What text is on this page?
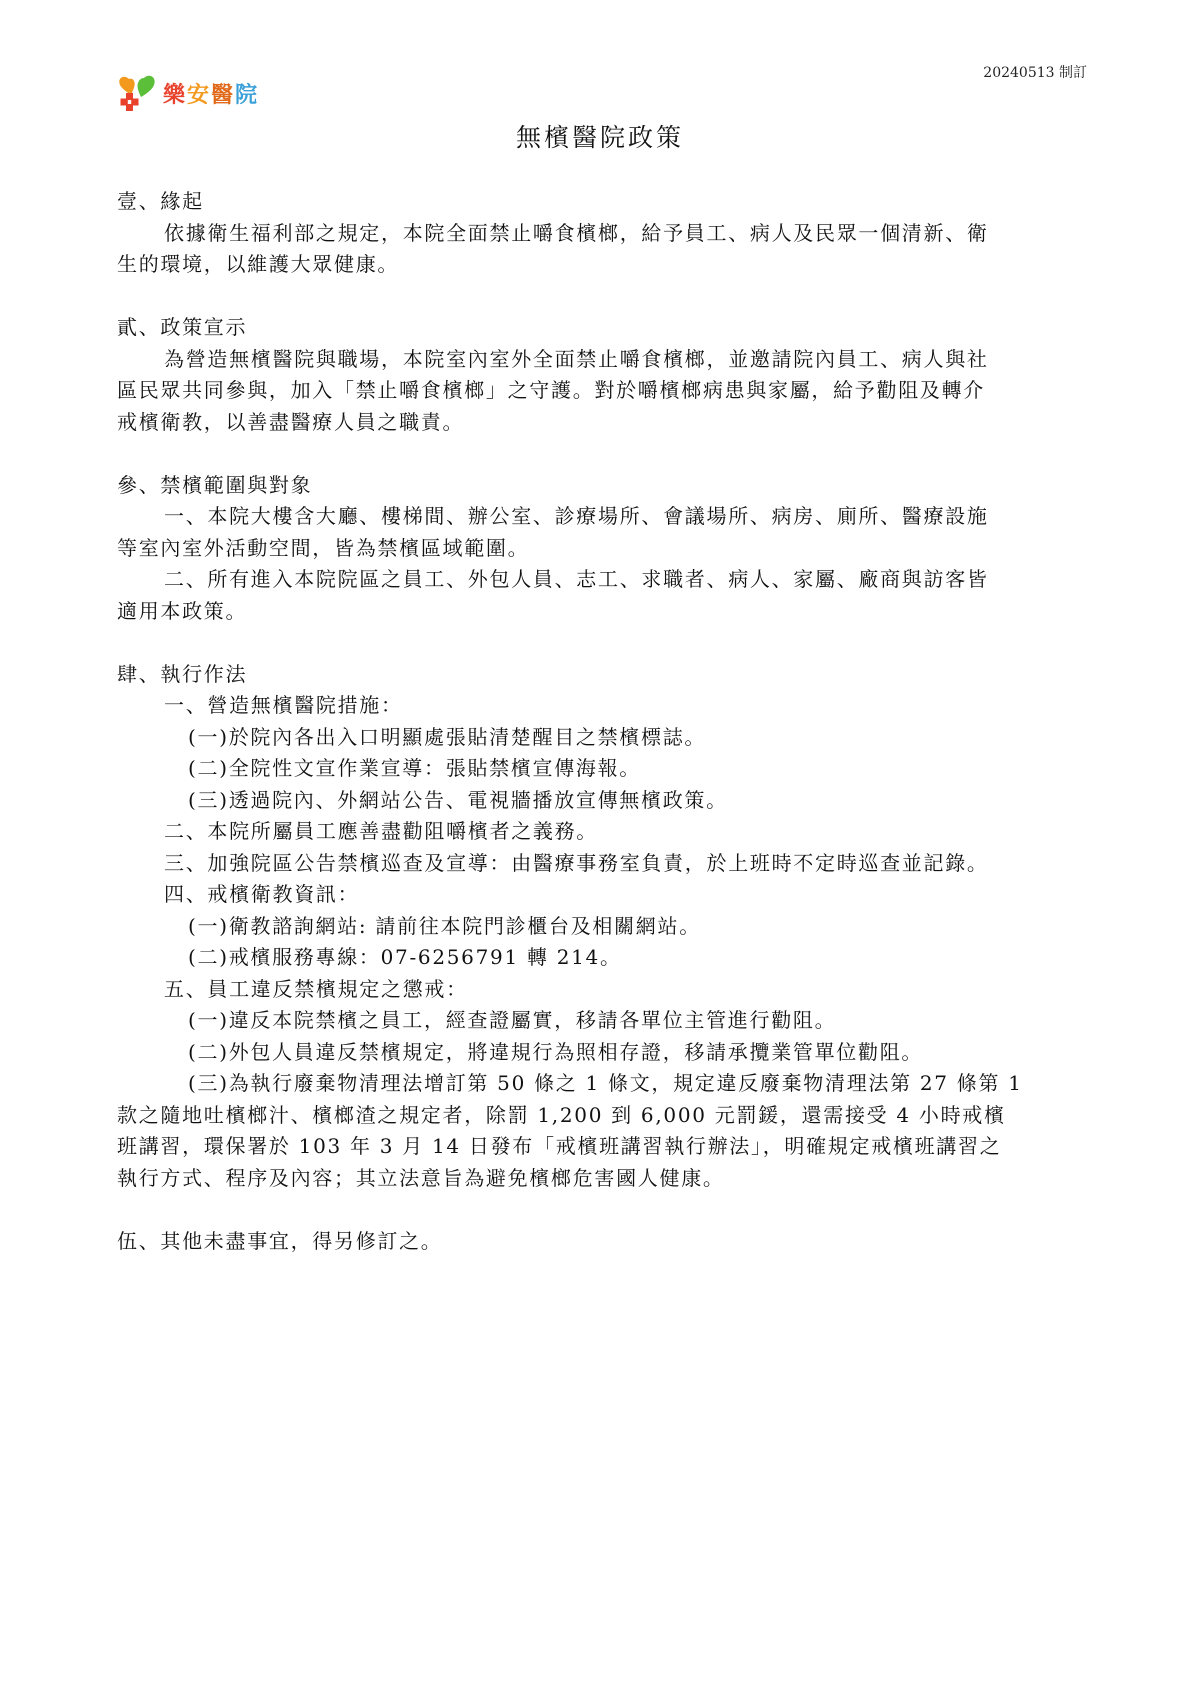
樂安醫院
20240513 制訂
無檳醫院政策
壹、緣起
依據衛生福利部之規定，本院全面禁止嚼食檳榔，給予員工、病人及民眾一個清新、衛
生的環境，以維護大眾健康。
貳、政策宣示
為營造無檳醫院與職場，本院室內室外全面禁止嚼食檳榔，並邀請院內員工、病人與社
區民眾共同參與，加入「禁止嚼食檳榔」之守護。對於嚼檳榔病患與家屬，給予勸阻及轉介
戒檳衛教，以善盡醫療人員之職責。
參、禁檳範圍與對象
一、本院大樓含大廳、樓梯間、辦公室、診療場所、會議場所、病房、廁所、醫療設施
等室內室外活動空間，皆為禁檳區域範圍。
二、所有進入本院院區之員工、外包人員、志工、求職者、病人、家屬、廠商與訪客皆
適用本政策。
肆、執行作法
一、營造無檳醫院措施：
(一)於院內各出入口明顯處張貼清楚醒目之禁檳標誌。
(二)全院性文宣作業宣導：張貼禁檳宣傳海報。
(三)透過院內、外網站公告、電視牆播放宣傳無檳政策。
二、本院所屬員工應善盡勸阻嚼檳者之義務。
三、加強院區公告禁檳巡查及宣導：由醫療事務室負責，於上班時不定時巡查並記錄。
四、戒檳衛教資訊：
(一)衛教諮詢網站: 請前往本院門診櫃台及相關網站。
(二)戒檳服務專線：07-6256791 轉 214。
五、員工違反禁檳規定之懲戒：
(一)違反本院禁檳之員工，經查證屬實，移請各單位主管進行勸阻。
(二)外包人員違反禁檳規定，將違規行為照相存證，移請承攬業管單位勸阻。
(三)為執行廢棄物清理法增訂第 50 條之 1 條文，規定違反廢棄物清理法第 27 條第 1
款之隨地吐檳榔汁、檳榔渣之規定者，除罰 1,200 到 6,000 元罰鍰，還需接受 4 小時戒檳
班講習，環保署於 103 年 3 月 14 日發布「戒檳班講習執行辦法」，明確規定戒檳班講習之
執行方式、程序及內容；其立法意旨為避免檳榔危害國人健康。
伍、其他未盡事宜，得另修訂之。
